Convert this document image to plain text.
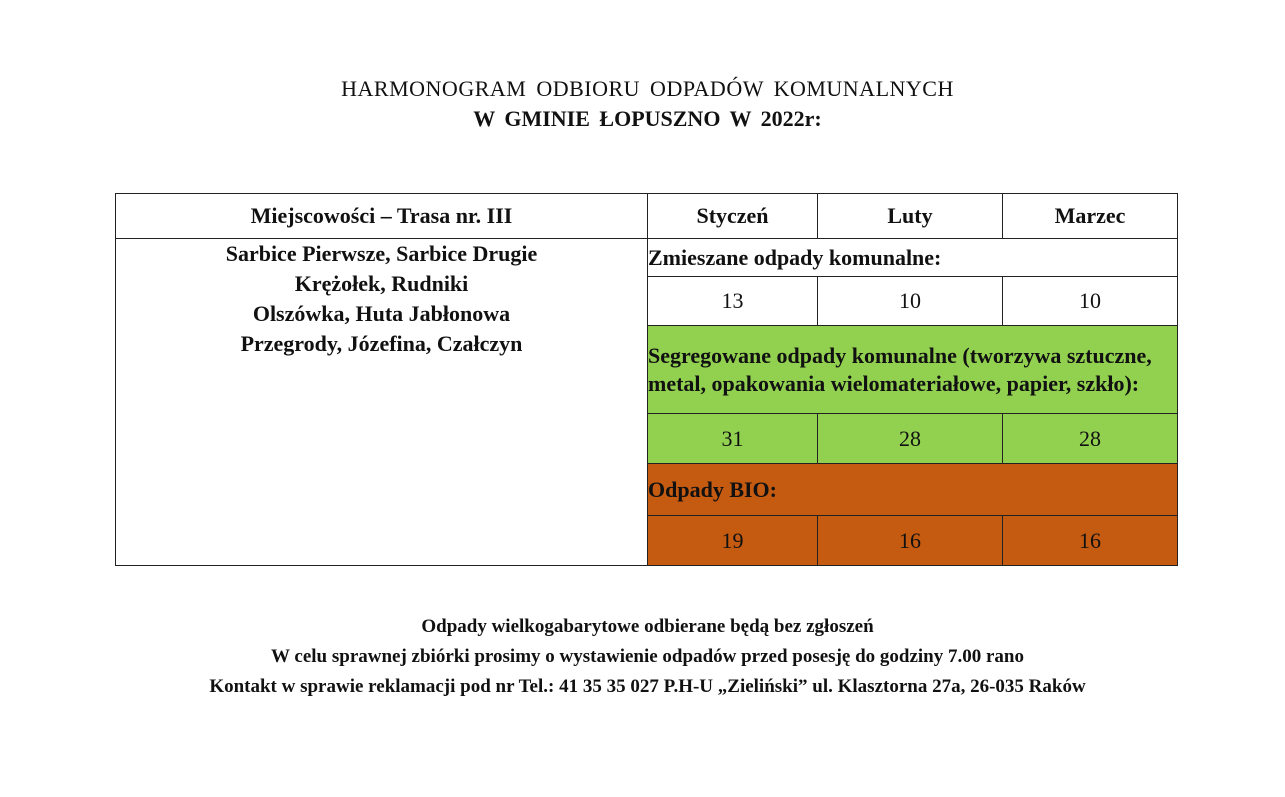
HARMONOGRAM ODBIORU ODPADÓW KOMUNALNYCH
W GMINIE ŁOPUSZNO W 2022r:
Miejscowości – Trasa nr. III	Styczeń	Luty	Marzec

Sarbice Pierwsze, Sarbice Drugie
Krężołek, Rudniki
Olszówka, Huta Jabłonowa
Przegrody, Józefina, Czałczyn	Zmieszane odpady komunalne:		
	13	10	10
	Segregowane odpady komunalne (tworzywa sztuczne, metal, opakowania wielomateriałowe, papier, szkło):		
	31	28	28
	Odpady BIO:		
	19	16	16

Odpady wielkogabarytowe odbierane będą bez zgłoszeń

W celu sprawnej zbiórki prosimy o wystawienie odpadów przed posesję do godziny 7.00 rano

Kontakt w sprawie reklamacji pod nr Tel.: 41 35 35 027 P.H-U „Zieliński” ul. Klasztorna 27a, 26-035 Raków
